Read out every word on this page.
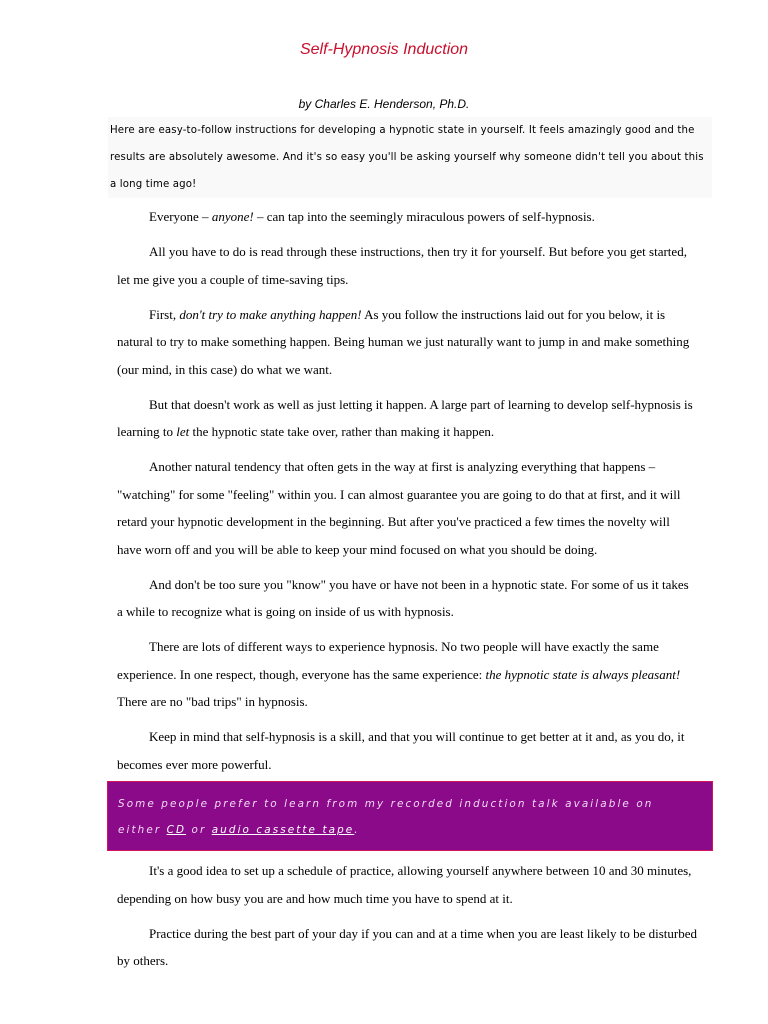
Self-Hypnosis Induction
by Charles E. Henderson, Ph.D.
Here are easy-to-follow instructions for developing a hypnotic state in yourself. It feels amazingly good and the results are absolutely awesome. And it's so easy you'll be asking yourself why someone didn't tell you about this a long time ago!

Everyone – anyone! – can tap into the seemingly miraculous powers of self-hypnosis.

All you have to do is read through these instructions, then try it for yourself. But before you get started, let me give you a couple of time-saving tips.

First, don't try to make anything happen! As you follow the instructions laid out for you below, it is natural to try to make something happen. Being human we just naturally want to jump in and make something (our mind, in this case) do what we want.

But that doesn't work as well as just letting it happen. A large part of learning to develop self-hypnosis is learning to let the hypnotic state take over, rather than making it happen.

Another natural tendency that often gets in the way at first is analyzing everything that happens – "watching" for some "feeling" within you. I can almost guarantee you are going to do that at first, and it will retard your hypnotic development in the beginning. But after you've practiced a few times the novelty will have worn off and you will be able to keep your mind focused on what you should be doing.

And don't be too sure you "know" you have or have not been in a hypnotic state. For some of us it takes a while to recognize what is going on inside of us with hypnosis.

There are lots of different ways to experience hypnosis. No two people will have exactly the same experience. In one respect, though, everyone has the same experience: the hypnotic state is always pleasant! There are no "bad trips" in hypnosis.

Keep in mind that self-hypnosis is a skill, and that you will continue to get better at it and, as you do, it becomes ever more powerful.

Some people prefer to learn from my recorded induction talk available on either CD or audio cassette tape.

It's a good idea to set up a schedule of practice, allowing yourself anywhere between 10 and 30 minutes, depending on how busy you are and how much time you have to spend at it.

Practice during the best part of your day if you can and at a time when you are least likely to be disturbed by others.
